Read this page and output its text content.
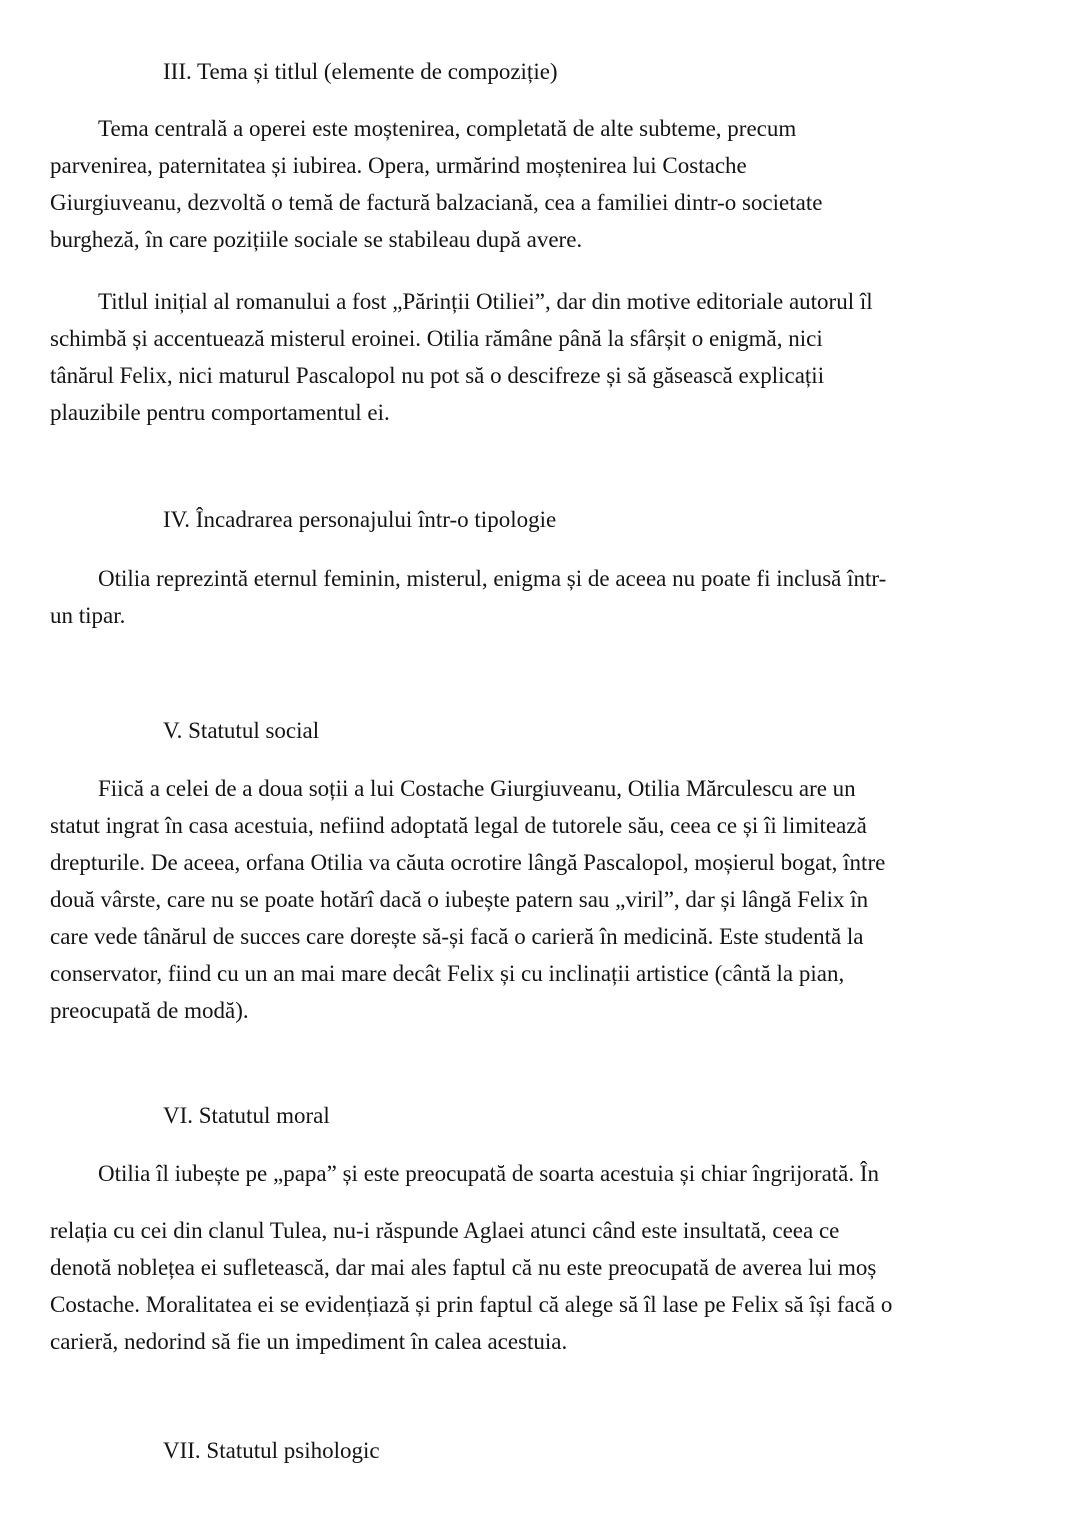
III. Tema și titlul (elemente de compoziție)
Tema centrală a operei este moștenirea, completată de alte subteme, precum
parvenirea, paternitatea și iubirea. Opera, urmărind moștenirea lui Costache
Giurgiuveanu, dezvoltă o temă de factură balzaciană, cea a familiei dintr-o societate
burgheză, în care pozițiile sociale se stabileau după avere.
Titlul inițial al romanului a fost „Părinții Otiliei”, dar din motive editoriale autorul îl
schimbă și accentuează misterul eroinei. Otilia rămâne până la sfârșit o enigmă, nici
tânărul Felix, nici maturul Pascalopol nu pot să o descifreze și să găsească explicații
plauzibile pentru comportamentul ei.
IV. Încadrarea personajului într-o tipologie
Otilia reprezintă eternul feminin, misterul, enigma și de aceea nu poate fi inclusă într-
un tipar.
V. Statutul social
Fiică a celei de a doua soții a lui Costache Giurgiuveanu, Otilia Mărculescu are un
statut ingrat în casa acestuia, nefiind adoptată legal de tutorele său, ceea ce și îi limitează
drepturile. De aceea, orfana Otilia va căuta ocrotire lângă Pascalopol, moșierul bogat, între
două vârste, care nu se poate hotărî dacă o iubește patern sau „viril”, dar și lângă Felix în
care vede tânărul de succes care dorește să-și facă o carieră în medicină. Este studentă la
conservator, fiind cu un an mai mare decât Felix și cu inclinații artistice (cântă la pian,
preocupată de modă).
VI. Statutul moral
Otilia îl iubește pe „papa” și este preocupată de soarta acestuia și chiar îngrijorată. În
relația cu cei din clanul Tulea, nu-i răspunde Aglaei atunci când este insultată, ceea ce
denotă noblețea ei sufletească, dar mai ales faptul că nu este preocupată de averea lui moș
Costache. Moralitatea ei se evidențiază și prin faptul că alege să îl lase pe Felix să își facă o
carieră, nedorind să fie un impediment în calea acestuia.
VII. Statutul psihologic
